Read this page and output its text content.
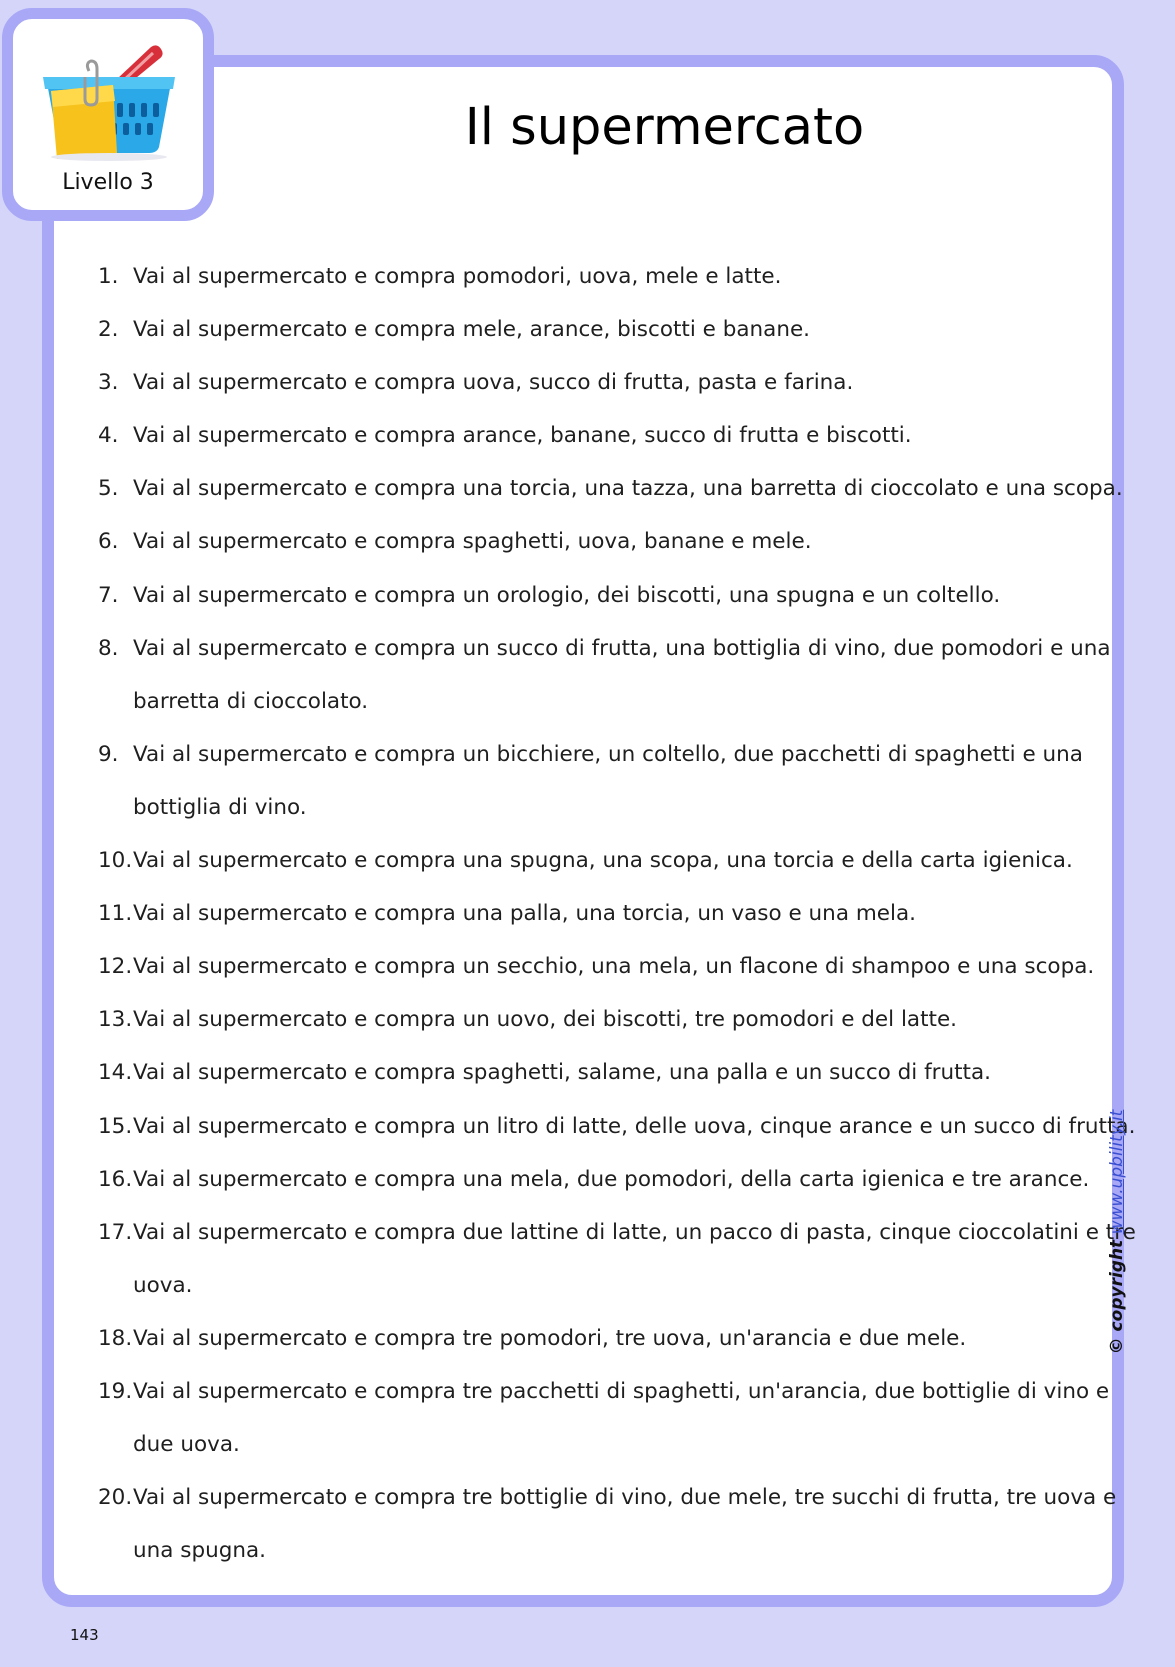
Livello 3
Il supermercato
1. Vai al supermercato e compra pomodori, uova, mele e latte.
2. Vai al supermercato e compra mele, arance, biscotti e banane.
3. Vai al supermercato e compra uova, succo di frutta, pasta e farina.
4. Vai al supermercato e compra arance, banane, succo di frutta e biscotti.
5. Vai al supermercato e compra una torcia, una tazza, una barretta di cioccolato e una scopa.
6. Vai al supermercato e compra spaghetti, uova, banane e mele.
7. Vai al supermercato e compra un orologio, dei biscotti, una spugna e un coltello.
8. Vai al supermercato e compra un succo di frutta, una bottiglia di vino, due pomodori e una
barretta di cioccolato.
9. Vai al supermercato e compra un bicchiere, un coltello, due pacchetti di spaghetti e una
bottiglia di vino.
10. Vai al supermercato e compra una spugna, una scopa, una torcia e della carta igienica.
11. Vai al supermercato e compra una palla, una torcia, un vaso e una mela.
12. Vai al supermercato e compra un secchio, una mela, un flacone di shampoo e una scopa.
13. Vai al supermercato e compra un uovo, dei biscotti, tre pomodori e del latte.
14. Vai al supermercato e compra spaghetti, salame, una palla e un succo di frutta.
15. Vai al supermercato e compra un litro di latte, delle uova, cinque arance e un succo di frutta.
16. Vai al supermercato e compra una mela, due pomodori, della carta igienica e tre arance.
17. Vai al supermercato e compra due lattine di latte, un pacco di pasta, cinque cioccolatini e tre
uova.
18. Vai al supermercato e compra tre pomodori, tre uova, un'arancia e due mele.
19. Vai al supermercato e compra tre pacchetti di spaghetti, un'arancia, due bottiglie di vino e
due uova.
20. Vai al supermercato e compra tre bottiglie di vino, due mele, tre succhi di frutta, tre uova e
una spugna.
© copyright www.upbility.it
143
